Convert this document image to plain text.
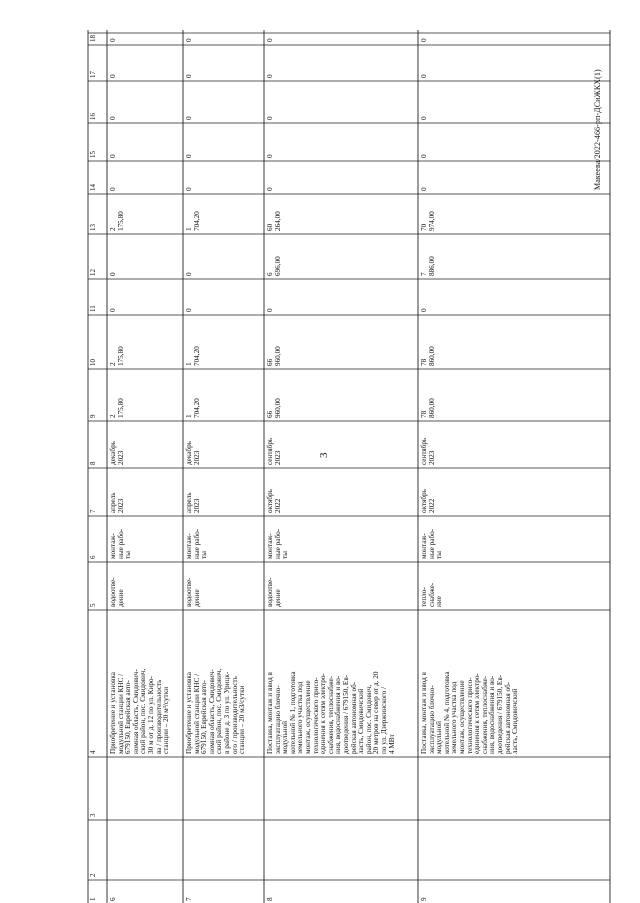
1
2
3
4
5
6
7
8
9
10
11
12
13
14
15
16
17
18
6
Приобретение и установка
модульной станции КНС /
679150, Еврейская авто-
номная область, Смидович-
ский район, пос. Смидович,
30 м от д. 12 по ул. Киро-
ва / производительность
станции – 20 м³/сутки
водоотве-
дение
монтаж-
ные рабо-
ты
апрель
2023
декабрь
2023
2
175,80
2
175,80
0
0
2
175,80
0
0
0
0
0
7
Приобретение и установка
модульной станции КНС /
679150, Еврейская авто-
номная область, Смидович-
ский район, пос. Смидович,
в районе д. 3 по ул. Урицк-
ого / производительность
станции – 20 м3/сутки
водоотве-
дение
монтаж-
ные рабо-
ты
апрель
2023
декабрь
2023
1
704,20
1
704,20
0
0
1
704,20
0
0
0
0
0
8
Поставка, монтаж и ввод в
эксплуатацию блочно-
модульной
котельной № 1, подготовка
земельного участка под
монтаж, осуществление
технологического присо-
единения к сетям электро-
снабжения, теплоснабже-
ния, водоснабжения и во-
доотведения / 679150, Ев-
рейская автономная об-
ласть, Смидовичский
район, пос. Смидович,
20 метров на север от д. 20
по ул. Дзержинского /
4 МВт
водоотве-
дение
монтаж-
ные рабо-
ты
октябрь
2022
сентябрь
2023
66
960,00
66
960,00
0
6
696,00
60
264,00
0
0
0
0
0
9
Поставка, монтаж и ввод в
эксплуатацию блочно-
модульной
котельной № 4, подготовка
земельного участка под
монтаж, осуществление
технологического присо-
единения к сетям электро-
снабжения, теплоснабже-
ния, водоснабжения и во-
доотведения / 679150, Ев-
рейская автономная об-
ласть, Смидовичский
тепло-
снабже-
ние
монтаж-
ные рабо-
ты
октябрь
2022
сентябрь
2023
78
860,00
78
860,00
0
7
886,00
70
974,00
0
0
0
0
0
3
Макеева/2022-466-рп-ДСиЖКХ(1)
